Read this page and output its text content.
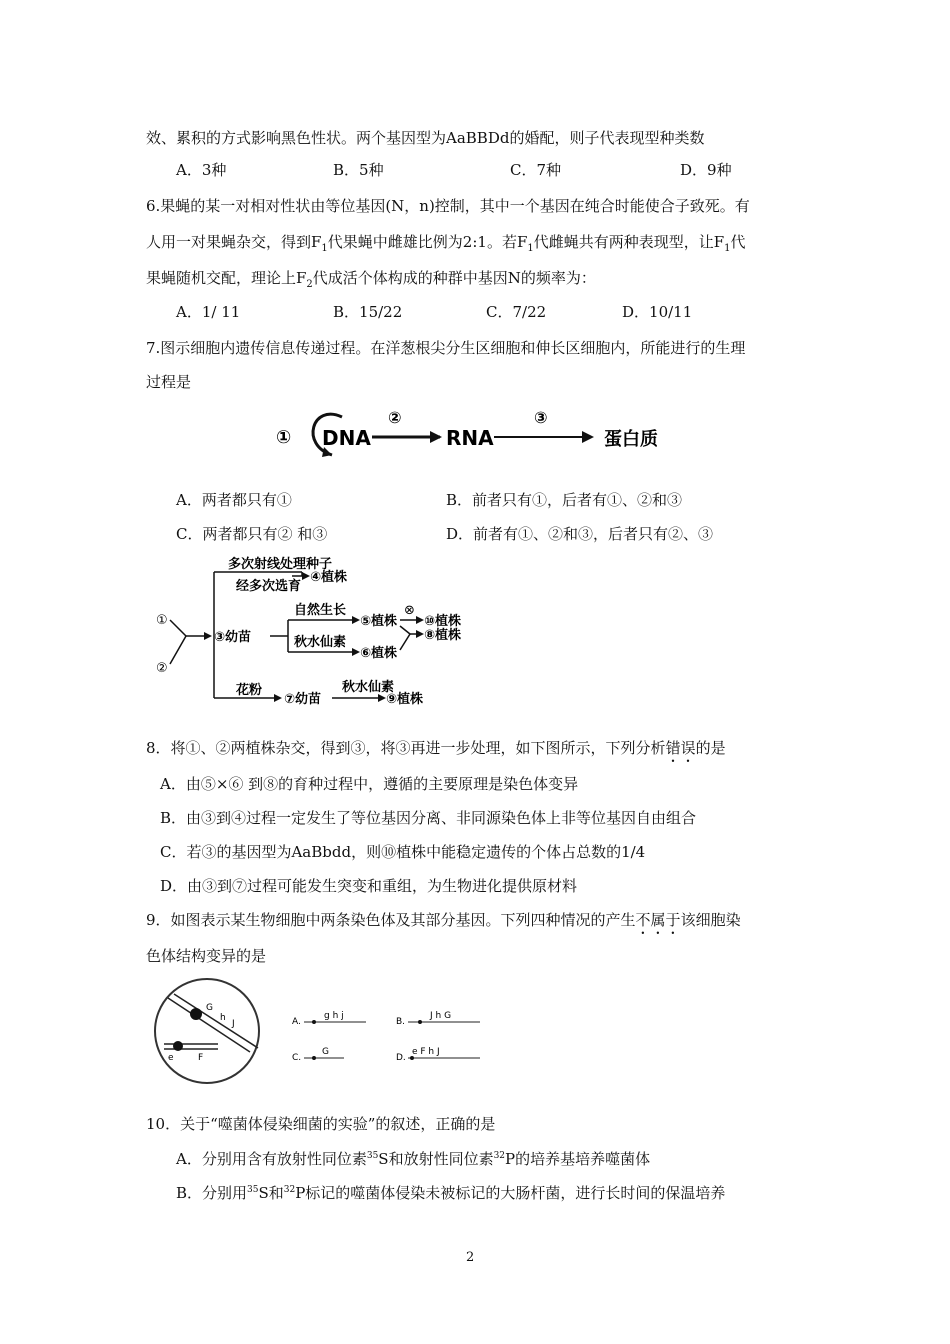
效、累积的方式影响黑色性状。两个基因型为AaBBDd的婚配，则子代表现型种类数
A．3种	B．5种	C．7种	D．9种
6.果蝇的某一对相对性状由等位基因(N，n)控制，其中一个基因在纯合时能使合子致死。有
人用一对果蝇杂交，得到$F_1$代果蝇中雌雄比例为2:1。若$F_1$代雌蝇共有两种表现型，让$F_1$代
果蝇随机交配，理论上$F_2$代成活个体构成的种群中基因N的频率为：
A．1/ 11	B．15/22	C．7/22	D．10/11
7.图示细胞内遗传信息传递过程。在洋葱根尖分生区细胞和伸长区细胞内，所能进行的生理
过程是
① DNA
②
RNA
③
蛋白质
A．两者都只有①	B．前者只有①，后者有①、②和③
C．两者都只有② 和③	D．前者有①、②和③，后者只有②、③
①
②
③幼苗
多次射线处理种子
经多次选育
④植株
自然生长
⑤植株
秋水仙素
⑥植株
⊗
⑩植株
⑧植株
花粉
⑦幼苗
秋水仙素
⑨植株
8．将①、②两植株杂交，得到③，将③再进一步处理，如下图所示，下列分析错误的是
A．由⑤×⑥ 到⑧的育种过程中，遵循的主要原理是染色体变异
B．由③到④过程一定发生了等位基因分离、非同源染色体上非等位基因自由组合
C．若③的基因型为AaBbdd，则⑩植株中能稳定遗传的个体占总数的1/4
D．由③到⑦过程可能发生突变和重组，为生物进化提供原材料
9．如图表示某生物细胞中两条染色体及其部分基因。下列四种情况的产生不属于该细胞染
色体结构变异的是
G
h
J
e	F
A.
g h j
B.
J h G
C.
G
D.
e F h J
10．关于“噬菌体侵染细菌的实验”的叙述，正确的是
A．分别用含有放射性同位素$^{35}$S和放射性同位素$^{32}$P的培养基培养噬菌体
B．分别用$^{35}$S和$^{32}$P标记的噬菌体侵染未被标记的大肠杆菌，进行长时间的保温培养
2
